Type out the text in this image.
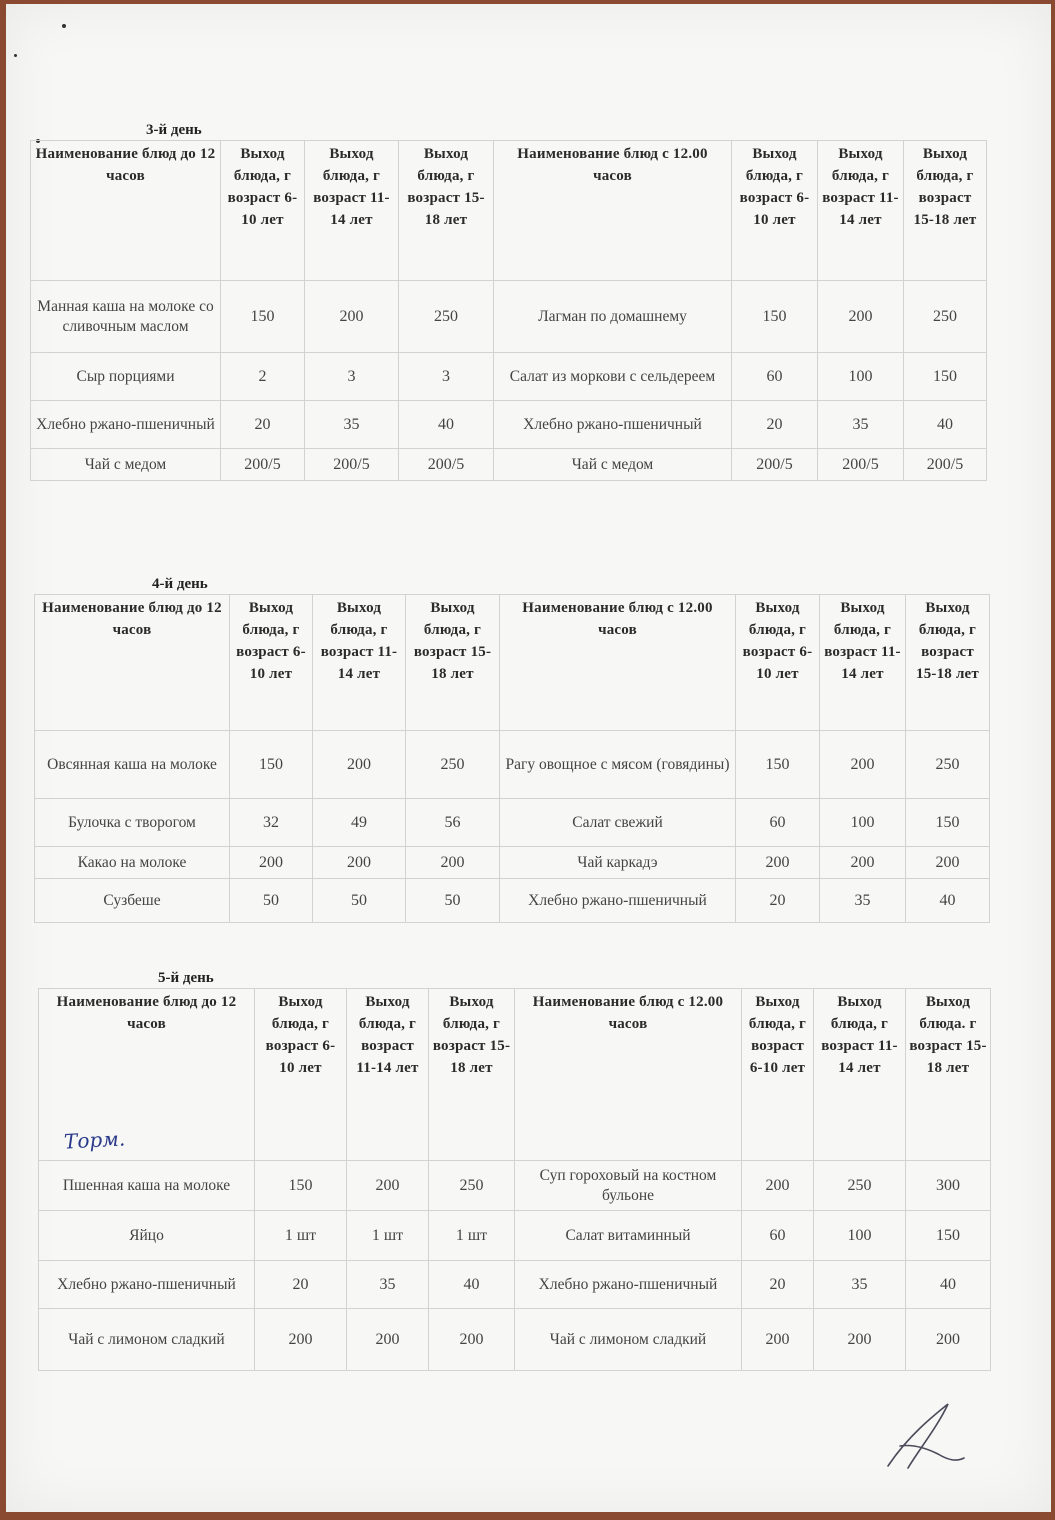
3-й день
Наименование блюд до 12 часов	Выход блюда, г возраст 6-10 лет	Выход блюда, г возраст 11-14 лет	Выход блюда, г возраст 15-18 лет	Наименование блюд с 12.00 часов	Выход блюда, г возраст 6-10 лет	Выход блюда, г возраст 11-14 лет	Выход блюда, г возраст 15-18 лет
Манная каша на молоке со сливочным маслом	150	200	250	Лагман по домашнему	150	200	250
Сыр порциями	2	3	3	Салат из моркови с сельдереем	60	100	150
Хлебно ржано-пшеничный	20	35	40	Хлебно ржано-пшеничный	20	35	40
Чай с медом	200/5	200/5	200/5	Чай с медом	200/5	200/5	200/5
4-й день
Наименование блюд до 12 часов	Выход блюда, г возраст 6-10 лет	Выход блюда, г возраст 11-14 лет	Выход блюда, г возраст 15-18 лет	Наименование блюд с 12.00 часов	Выход блюда, г возраст 6-10 лет	Выход блюда, г возраст 11-14 лет	Выход блюда, г возраст 15-18 лет
Овсянная каша на молоке	150	200	250	Рагу овощное с мясом (говядины)	150	200	250
Булочка с творогом	32	49	56	Салат свежий	60	100	150
Какао на молоке	200	200	200	Чай каркадэ	200	200	200
Сузбеше	50	50	50	Хлебно ржано-пшеничный	20	35	40
5-й день
Наименование блюд до 12 часов	Выход блюда, г возраст 6-10 лет	Выход блюда, г возраст 11-14 лет	Выход блюда, г возраст 15-18 лет	Наименование блюд с 12.00 часов	Выход блюда, г возраст 6-10 лет	Выход блюда, г возраст 11-14 лет	Выход блюда. г возраст 15-18 лет
Пшенная каша на молоке	150	200	250	Суп гороховый на костном бульоне	200	250	300
Яйцо	1 шт	1 шт	1 шт	Салат витаминный	60	100	150
Хлебно ржано-пшеничный	20	35	40	Хлебно ржано-пшеничный	20	35	40
Чай с лимоном сладкий	200	200	200	Чай с лимоном сладкий	200	200	200
Торм.
